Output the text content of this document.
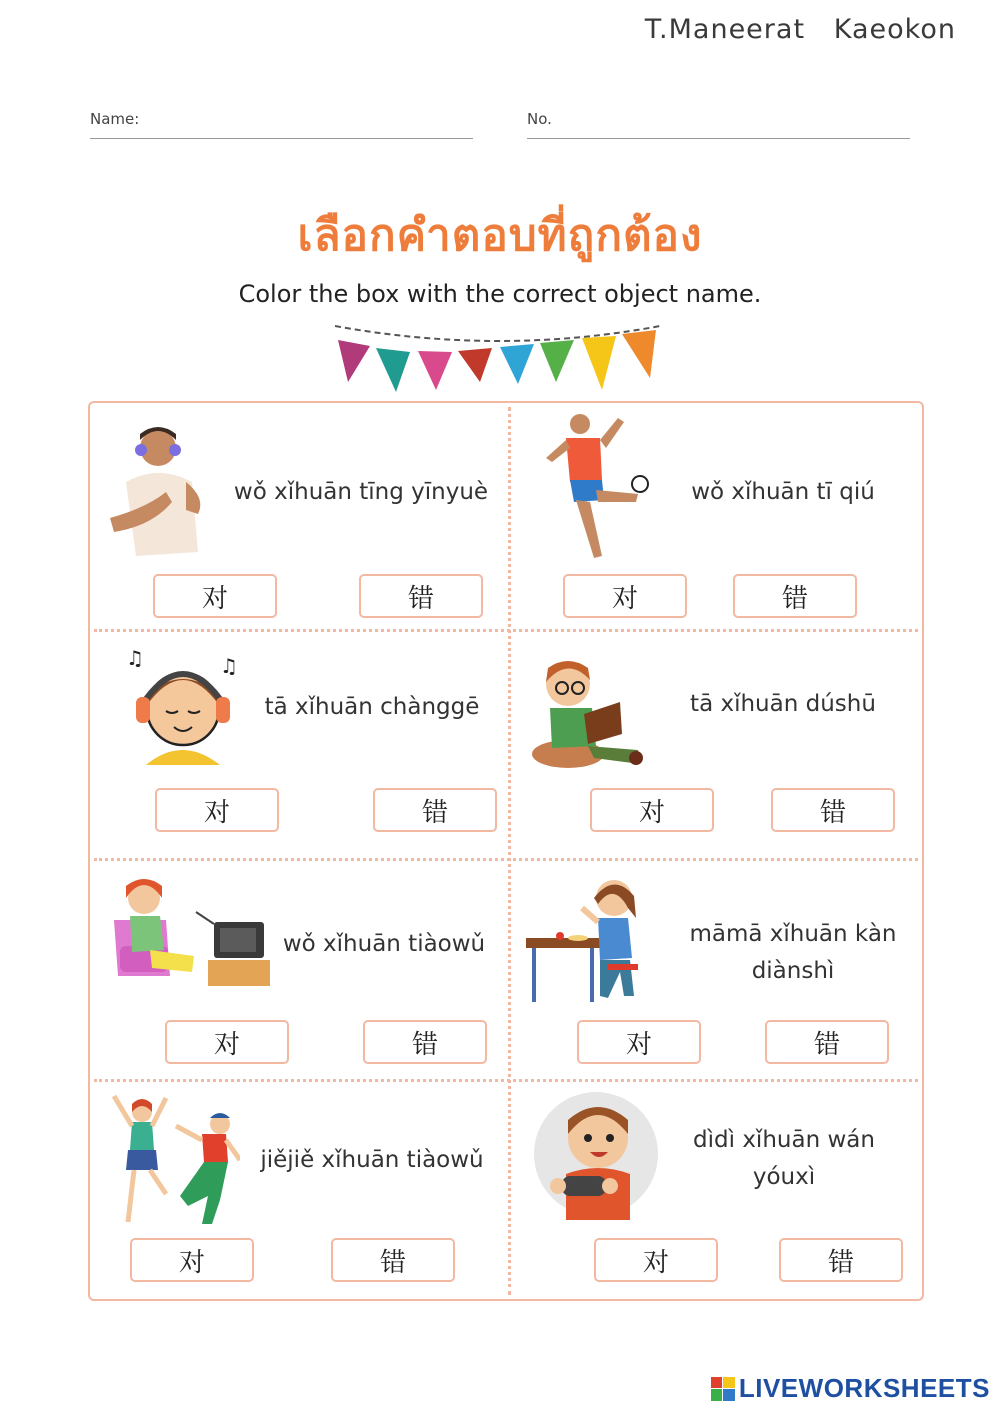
T.Maneerat   Kaeokon
Name:	No.
เลือกคำตอบที่ถูกต้อง
Color the box with the correct object name.
wǒ xǐhuān tīng yīnyuè
对	错
wǒ xǐhuān tī qiú
对	错
♫	♫
tā xǐhuān chànggē
对	错
tā xǐhuān dúshū
对	错
wǒ xǐhuān tiàowǔ
对	错
māmā xǐhuān kàn diànshì
对	错
jiějiě xǐhuān tiàowǔ
对	错
dìdì xǐhuān wán yóuxì
对	错
LIVEWORKSHEETS
